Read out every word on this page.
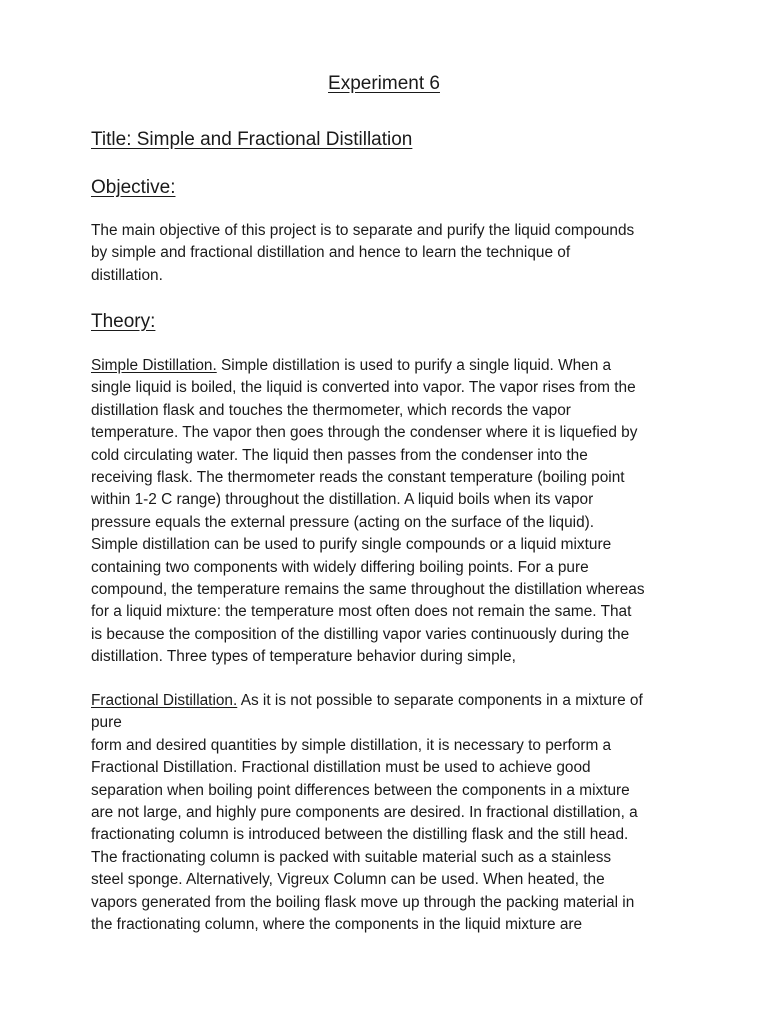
Experiment 6
Title: Simple and Fractional Distillation
Objective:
The main objective of this project is to separate and purify the liquid compounds
by simple and fractional distillation and hence to learn the technique of
distillation.
Theory:
Simple Distillation. Simple distillation is used to purify a single liquid. When a
single liquid is boiled, the liquid is converted into vapor. The vapor rises from the
distillation flask and touches the thermometer, which records the vapor
temperature. The vapor then goes through the condenser where it is liquefied by
cold circulating water. The liquid then passes from the condenser into the
receiving flask. The thermometer reads the constant temperature (boiling point
within 1-2 C range) throughout the distillation. A liquid boils when its vapor
pressure equals the external pressure (acting on the surface of the liquid).
Simple distillation can be used to purify single compounds or a liquid mixture
containing two components with widely differing boiling points. For a pure
compound, the temperature remains the same throughout the distillation whereas
for a liquid mixture: the temperature most often does not remain the same. That
is because the composition of the distilling vapor varies continuously during the
distillation. Three types of temperature behavior during simple,
Fractional Distillation. As it is not possible to separate components in a mixture of
pure
form and desired quantities by simple distillation, it is necessary to perform a
Fractional Distillation. Fractional distillation must be used to achieve good
separation when boiling point differences between the components in a mixture
are not large, and highly pure components are desired. In fractional distillation, a
fractionating column is introduced between the distilling flask and the still head.
The fractionating column is packed with suitable material such as a stainless
steel sponge. Alternatively, Vigreux Column can be used. When heated, the
vapors generated from the boiling flask move up through the packing material in
the fractionating column, where the components in the liquid mixture are
